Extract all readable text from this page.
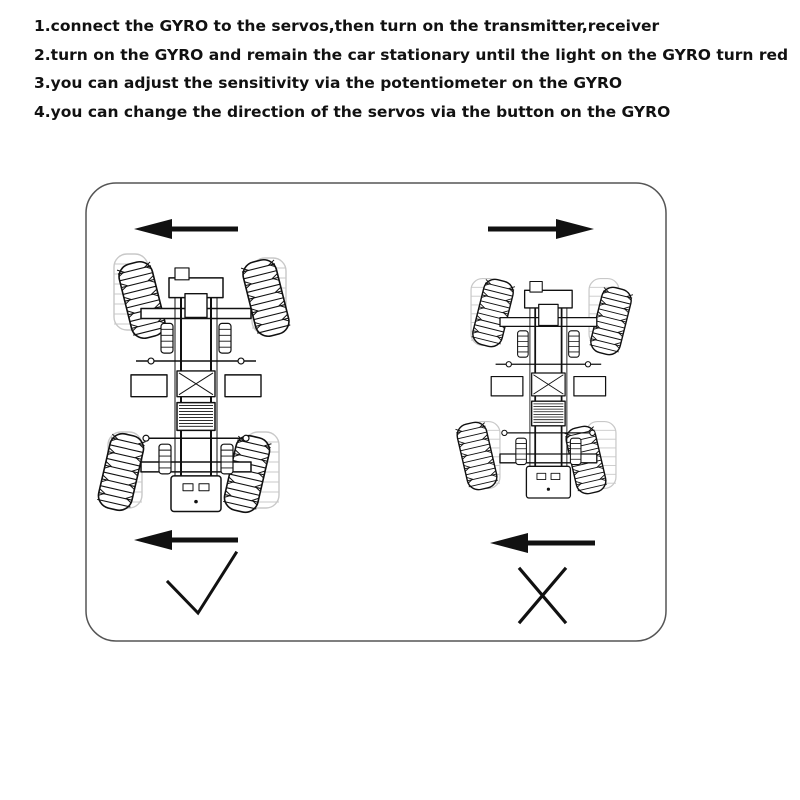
1.connect the GYRO to the servos,then turn on the transmitter,receiver
2.turn on the GYRO and remain the car stationary until the light on the GYRO turn red
3.you can adjust the sensitivity via the potentiometer on the GYRO
4.you can change the direction of the servos via the button on the GYRO
